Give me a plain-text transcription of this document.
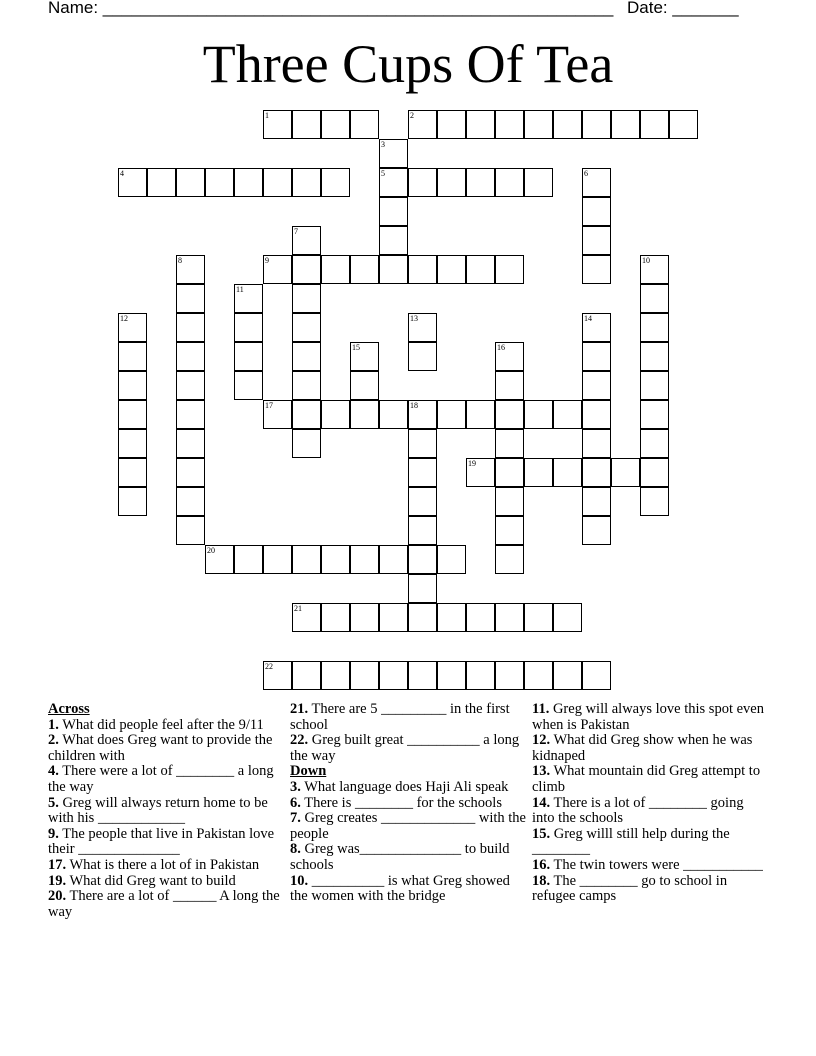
Name: ______________________________________________________ Date: _______
Three Cups Of Tea
1	2
3
4	5	6
7
8	9	10
11
12	13	14
15	16
17	18
19
20
21
22
Across
1. What did people feel after the 9/11
2. What does Greg want to provide the children with
4. There were a lot of ________ a long the way
5. Greg will always return home to be with his ____________
9. The people that live in Pakistan love their ______________
17. What is there a lot of in Pakistan
19. What did Greg want to build
20. There are a lot of ______ A long the way
21. There are 5 _________ in the first school
22. Greg built great __________ a long the way
Down
3. What language does Haji Ali speak
6. There is ________ for the schools
7. Greg creates _____________ with the people
8. Greg was______________ to build schools
10. __________ is what Greg showed the women with the bridge
11. Greg will always love this spot even when is Pakistan
12. What did Greg show when he was kidnaped
13. What mountain did Greg attempt to climb
14. There is a lot of ________ going into the schools
15. Greg willl still help during the ________
16. The twin towers were ___________
18. The ________ go to school in refugee camps
